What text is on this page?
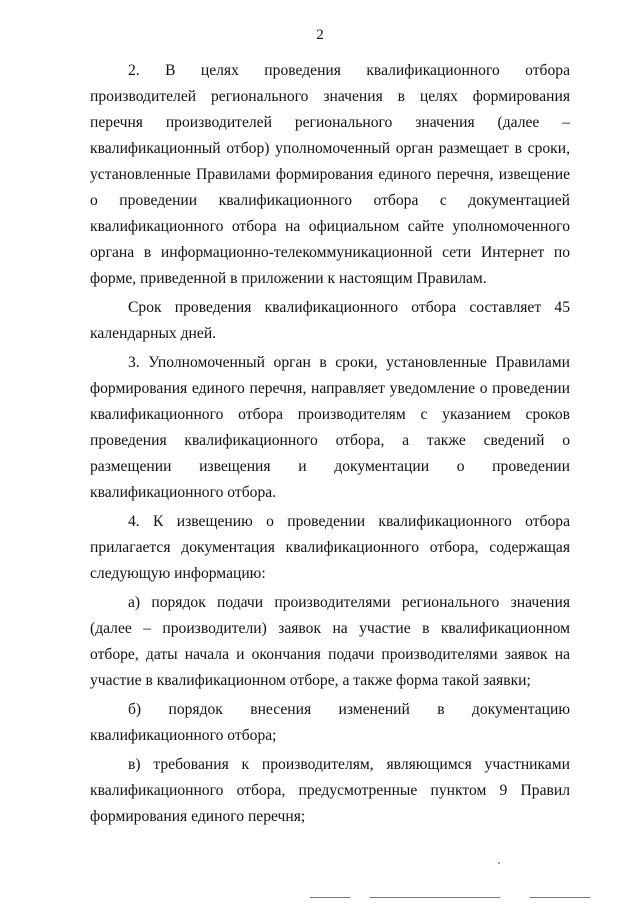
2

2. В целях проведения квалификационного отбора производителей регионального значения в целях формирования перечня производителей регионального значения (далее – квалификационный отбор) уполномоченный орган размещает в сроки, установленные Правилами формирования единого перечня, извещение о проведении квалификационного отбора с документацией квалификационного отбора на официальном сайте уполномоченного органа в информационно-телекоммуникационной сети Интернет по форме, приведенной в приложении к настоящим Правилам.

Срок проведения квалификационного отбора составляет 45 календарных дней.

3. Уполномоченный орган в сроки, установленные Правилами формирования единого перечня, направляет уведомление о проведении квалификационного отбора производителям с указанием сроков проведения квалификационного отбора, а также сведений о размещении извещения и документации о проведении квалификационного отбора.

4. К извещению о проведении квалификационного отбора прилагается документация квалификационного отбора, содержащая следующую информацию:

а) порядок подачи производителями регионального значения (далее – производители) заявок на участие в квалификационном отборе, даты начала и окончания подачи производителями заявок на участие в квалификационном отборе, а также форма такой заявки;

б) порядок внесения изменений в документацию квалификационного отбора;

в) требования к производителям, являющимся участниками квалификационного отбора, предусмотренные пунктом 9 Правил формирования единого перечня;
